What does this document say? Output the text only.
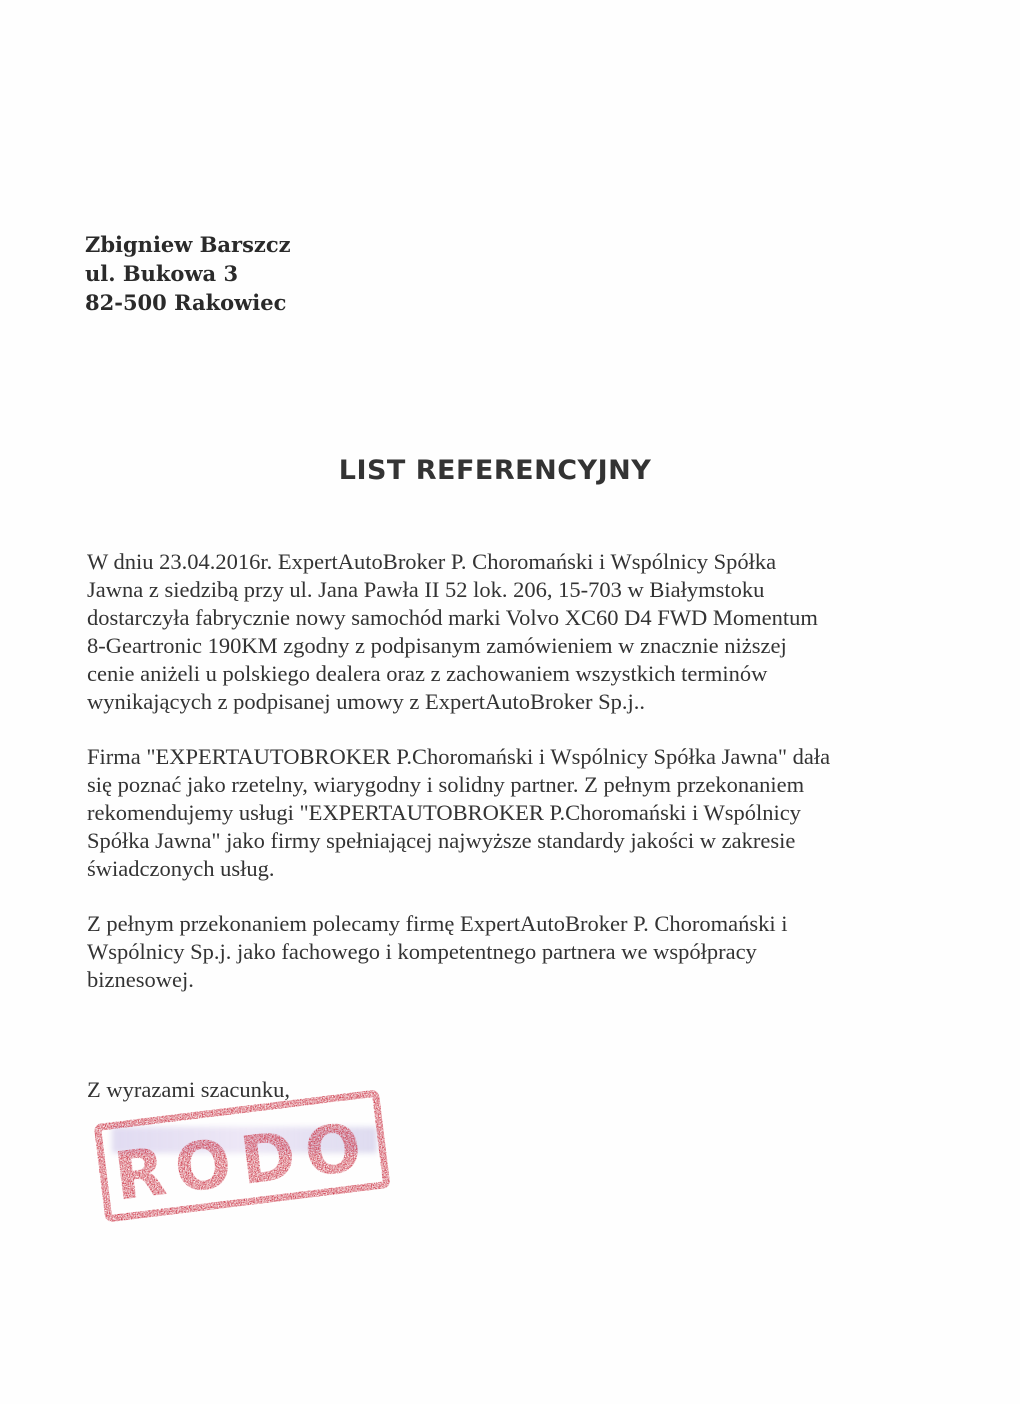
Zbigniew Barszcz
ul. Bukowa 3
82-500 Rakowiec
LIST REFERENCYJNY

W dniu 23.04.2016r. ExpertAutoBroker P. Choromański i Wspólnicy Spółka
Jawna z siedzibą przy ul. Jana Pawła II 52 lok. 206, 15-703 w Białymstoku
dostarczyła fabrycznie nowy samochód marki Volvo XC60 D4 FWD Momentum
8-Geartronic 190KM zgodny z podpisanym zamówieniem w znacznie niższej
cenie aniżeli u polskiego dealera oraz z zachowaniem wszystkich terminów
wynikających z podpisanej umowy z ExpertAutoBroker Sp.j..

Firma "EXPERTAUTOBROKER P.Choromański i Wspólnicy Spółka Jawna" dała
się poznać jako rzetelny, wiarygodny i solidny partner. Z pełnym przekonaniem
rekomendujemy usługi "EXPERTAUTOBROKER P.Choromański i Wspólnicy
Spółka Jawna" jako firmy spełniającej najwyższe standardy jakości w zakresie
świadczonych usług.

Z pełnym przekonaniem polecamy firmę ExpertAutoBroker P. Choromański i
Wspólnicy Sp.j. jako fachowego i kompetentnego partnera we współpracy
biznesowej.

Z wyrazami szacunku,
RODO
